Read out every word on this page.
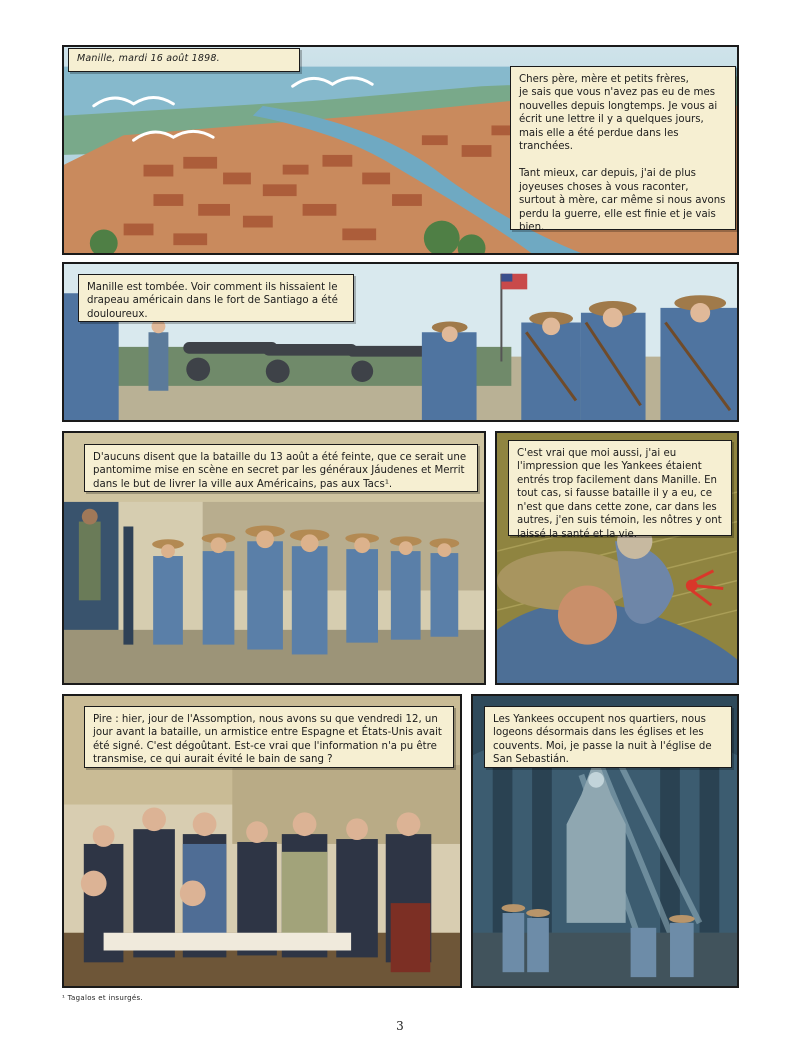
Manille, mardi 16 août 1898.
Chers père, mère et petits frères,
je sais que vous n'avez pas eu de mes nouvelles depuis longtemps. Je vous ai écrit une lettre il y a quelques jours, mais elle a été perdue dans les tranchées.

Tant mieux, car depuis, j'ai de plus joyeuses choses à vous raconter, surtout à mère, car même si nous avons perdu la guerre, elle est finie et je vais bien.
Manille est tombée. Voir comment ils hissaient le drapeau américain dans le fort de Santiago a été douloureux.
D'aucuns disent que la bataille du 13 août a été feinte, que ce serait une pantomime mise en scène en secret par les généraux Jáudenes et Merrit dans le but de livrer la ville aux Américains, pas aux Tacs¹.
C'est vrai que moi aussi, j'ai eu l'impression que les Yankees étaient entrés trop facilement dans Manille. En tout cas, si fausse bataille il y a eu, ce n'est que dans cette zone, car dans les autres, j'en suis témoin, les nôtres y ont laissé la santé et la vie.
Pire : hier, jour de l'Assomption, nous avons su que vendredi 12, un jour avant la bataille, un armistice entre Espagne et États-Unis avait été signé. C'est dégoûtant. Est-ce vrai que l'information n'a pu être transmise, ce qui aurait évité le bain de sang ?
Les Yankees occupent nos quartiers, nous logeons désormais dans les églises et les couvents. Moi, je passe la nuit à l'église de San Sebastián.
¹ Tagalos et insurgés.
3
